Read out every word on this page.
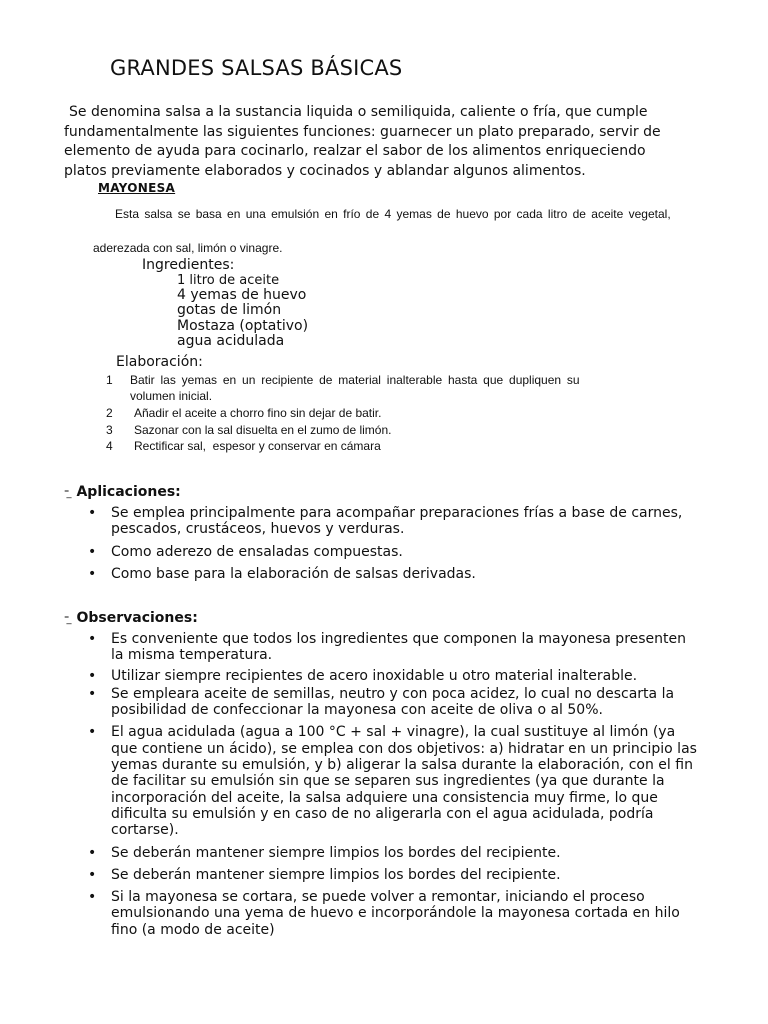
GRANDES SALSAS BÁSICAS
Se denomina salsa a la sustancia liquida o semiliquida, caliente o fría, que cumple
fundamentalmente las siguientes funciones: guarnecer un plato preparado, servir de
elemento de ayuda para cocinarlo, realzar el sabor de los alimentos enriqueciendo
platos previamente elaborados y cocinados y ablandar algunos alimentos.
MAYONESA
Esta salsa se basa en una emulsión en frío de 4 yemas de huevo por cada litro de aceite vegetal,
aderezada con sal, limón o vinagre.
Ingredientes:
1 litro de aceite
4 yemas de huevo
gotas de limón
Mostaza (optativo)
agua acidulada
Elaboración:
1 Batir las yemas en un recipiente de material inalterable hasta que dupliquen su
volumen inicial.
2 Añadir el aceite a chorro fino sin dejar de batir.
3 Sazonar con la sal disuelta en el zumo de limón.
4 Rectificar sal,  espesor y conservar en cámara
⁼ ̲ Aplicaciones:
• Se emplea principalmente para acompañar preparaciones frías a base de carnes, pescados, crustáceos, huevos y verduras.
• Como aderezo de ensaladas compuestas.
• Como base para la elaboración de salsas derivadas.
⁼ ̲ Observaciones:
• Es conveniente que todos los ingredientes que componen la mayonesa presenten la misma temperatura.
• Utilizar siempre recipientes de acero inoxidable u otro material inalterable.
• Se empleara aceite de semillas, neutro y con poca acidez, lo cual no descarta la posibilidad de confeccionar la mayonesa con aceite de oliva o al 50%.
• El agua acidulada (agua a 100 °C + sal + vinagre), la cual sustituye al limón (ya que contiene un ácido), se emplea con dos objetivos: a) hidratar en un principio las yemas durante su emulsión, y b) aligerar la salsa durante la elaboración, con el fin de facilitar su emulsión sin que se separen sus ingredientes (ya que durante la incorporación del aceite, la salsa adquiere una consistencia muy firme, lo que dificulta su emulsión y en caso de no aligerarla con el agua acidulada, podría cortarse).
• Se deberán mantener siempre limpios los bordes del recipiente.
• Se deberán mantener siempre limpios los bordes del recipiente.
• Si la mayonesa se cortara, se puede volver a remontar, iniciando el proceso emulsionando una yema de huevo e incorporándole la mayonesa cortada en hilo fino (a modo de aceite)
